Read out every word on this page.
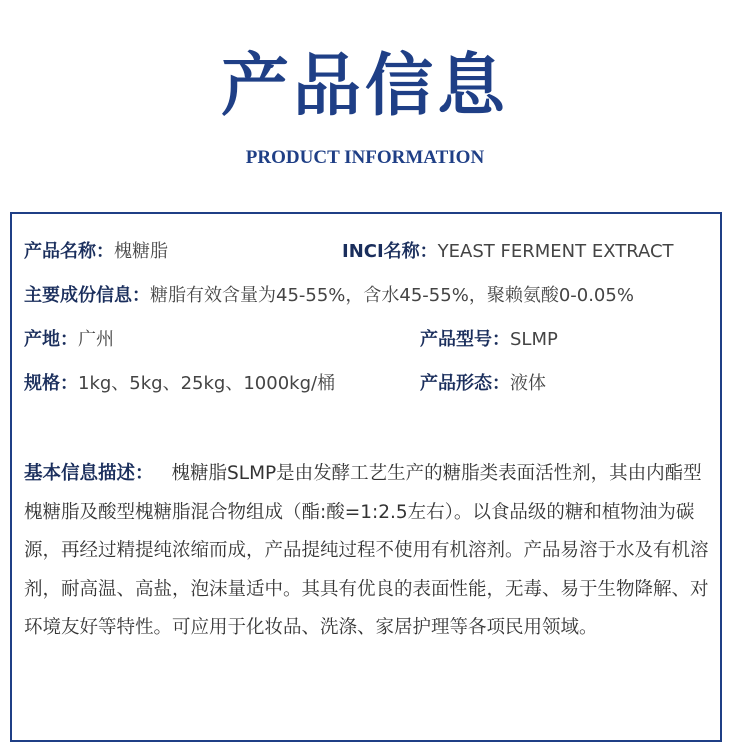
产品信息
PRODUCT INFORMATION
产品名称：槐糖脂	INCI名称：YEAST FERMENT EXTRACT
主要成份信息：糖脂有效含量为45-55%，含水45-55%，聚赖氨酸0-0.05%
产地：广州	产品型号：SLMP
规格：1kg、5kg、25kg、1000kg/桶	产品形态：液体
基本信息描述： 槐糖脂SLMP是由发酵工艺生产的糖脂类表面活性剂，其由内酯型槐糖脂及酸型槐糖脂混合物组成（酯:酸=1:2.5左右）。以食品级的糖和植物油为碳源，再经过精提纯浓缩而成，产品提纯过程不使用有机溶剂。产品易溶于水及有机溶剂，耐高温、高盐，泡沫量适中。其具有优良的表面性能，无毒、易于生物降解、对环境友好等特性。可应用于化妆品、洗涤、家居护理等各项民用领域。
